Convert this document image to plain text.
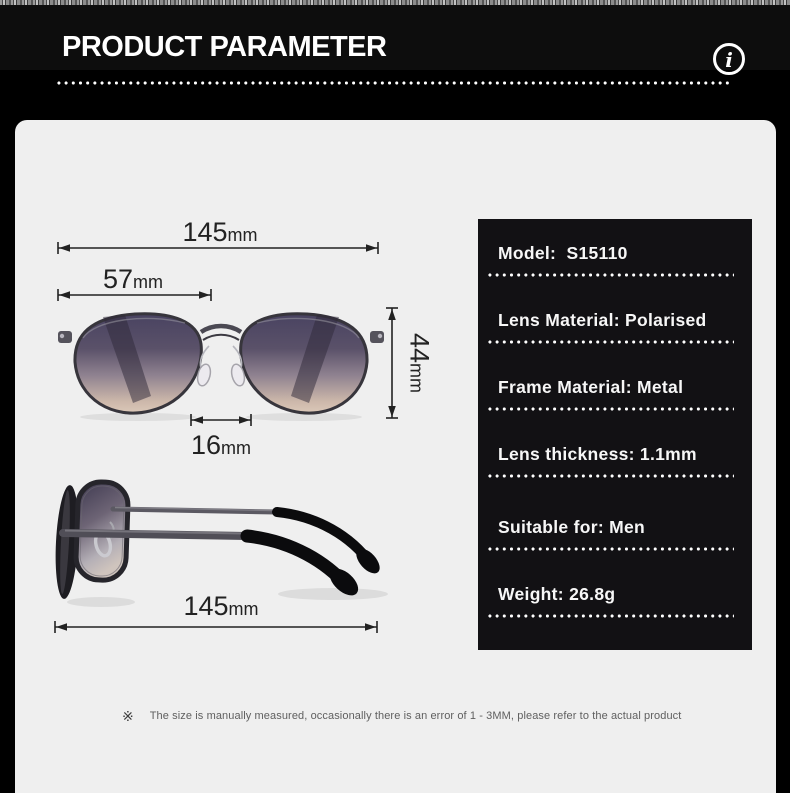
PRODUCT PARAMETER	i
145mm
57mm
44mm
16mm
145mm
Model:  S15110
Lens Material: Polarised
Frame Material: Metal
Lens thickness: 1.1mm
Suitable for: Men
Weight: 26.8g
※ The size is manually measured, occasionally there is an error of 1 - 3MM, please refer to the actual product
